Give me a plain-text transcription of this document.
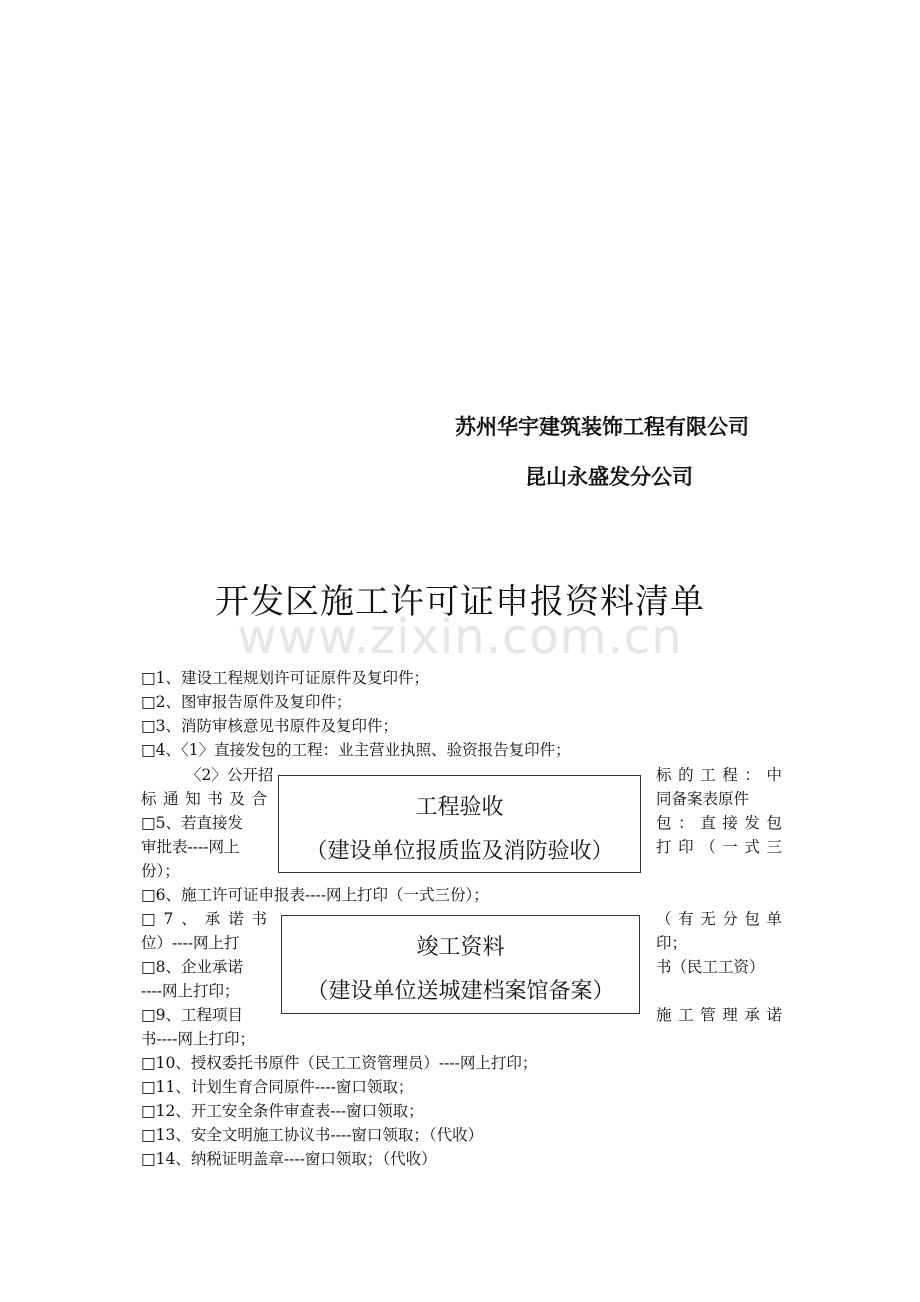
苏州华宇建筑装饰工程有限公司
昆山永盛发分公司
www.zixin.com.cn
开发区施工许可证申报资料清单
□1、建设工程规划许可证原件及复印件；
□2、图审报告原件及复印件；
□3、消防审核意见书原件及复印件；
□4、〈1〉直接发包的工程：业主营业执照、验资报告复印件；
〈2〉公开招	标的工程：中
标通知书及合	同备案表原件
□5、若直接发	包：直接发包
审批表----网上	打印（一式三
份）；
□6、施工许可证申报表----网上打印（一式三份）；
□7、承诺书	（有无分包单
位）----网上打	印；
□8、企业承诺	书（民工工资）
----网上打印；
□9、工程项目	施工管理承诺
书----网上打印；
□10、授权委托书原件（民工工资管理员）----网上打印；
□11、计划生育合同原件----窗口领取；
□12、开工安全条件审查表---窗口领取；
□13、安全文明施工协议书----窗口领取；（代收）
□14、纳税证明盖章----窗口领取；（代收）
工程验收
（建设单位报质监及消防验收）
竣工资料
（建设单位送城建档案馆备案）
